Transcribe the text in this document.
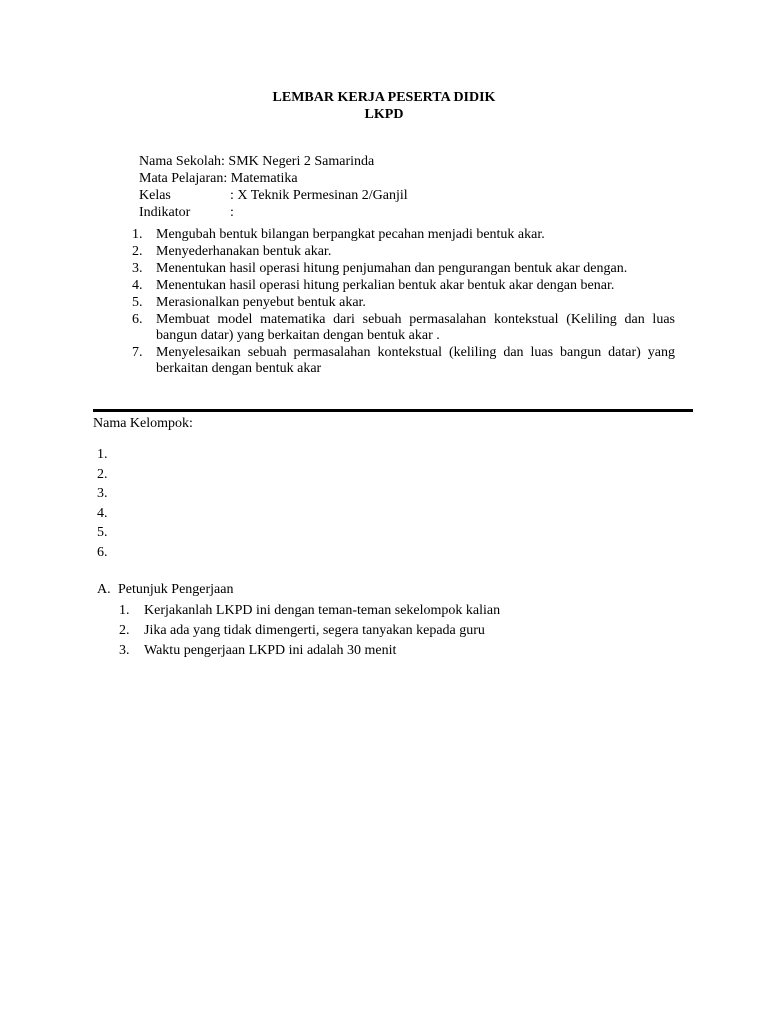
LEMBAR KERJA PESERTA DIDIK
LKPD
Nama Sekolah : SMK Negeri 2 Samarinda
Mata Pelajaran : Matematika
Kelas	: X Teknik Permesinan 2/Ganjil
Indikator	:
1. Mengubah bentuk bilangan berpangkat pecahan menjadi bentuk akar.
2. Menyederhanakan bentuk akar.
3. Menentukan hasil operasi hitung penjumahan dan pengurangan bentuk akar dengan.
4. Menentukan hasil operasi hitung perkalian bentuk akar bentuk akar dengan benar.
5. Merasionalkan penyebut bentuk akar.
6. Membuat model matematika dari sebuah permasalahan kontekstual (Keliling dan luas bangun datar) yang berkaitan dengan bentuk akar .
7. Menyelesaikan sebuah permasalahan kontekstual (keliling dan luas bangun datar) yang berkaitan dengan bentuk akar
Nama Kelompok:
1.
2.
3.
4.
5.
6.
A. Petunjuk Pengerjaan
1.	Kerjakanlah LKPD ini dengan teman-teman sekelompok kalian
2.	Jika ada yang tidak dimengerti, segera tanyakan kepada guru
3.	Waktu pengerjaan LKPD ini adalah 30 menit
